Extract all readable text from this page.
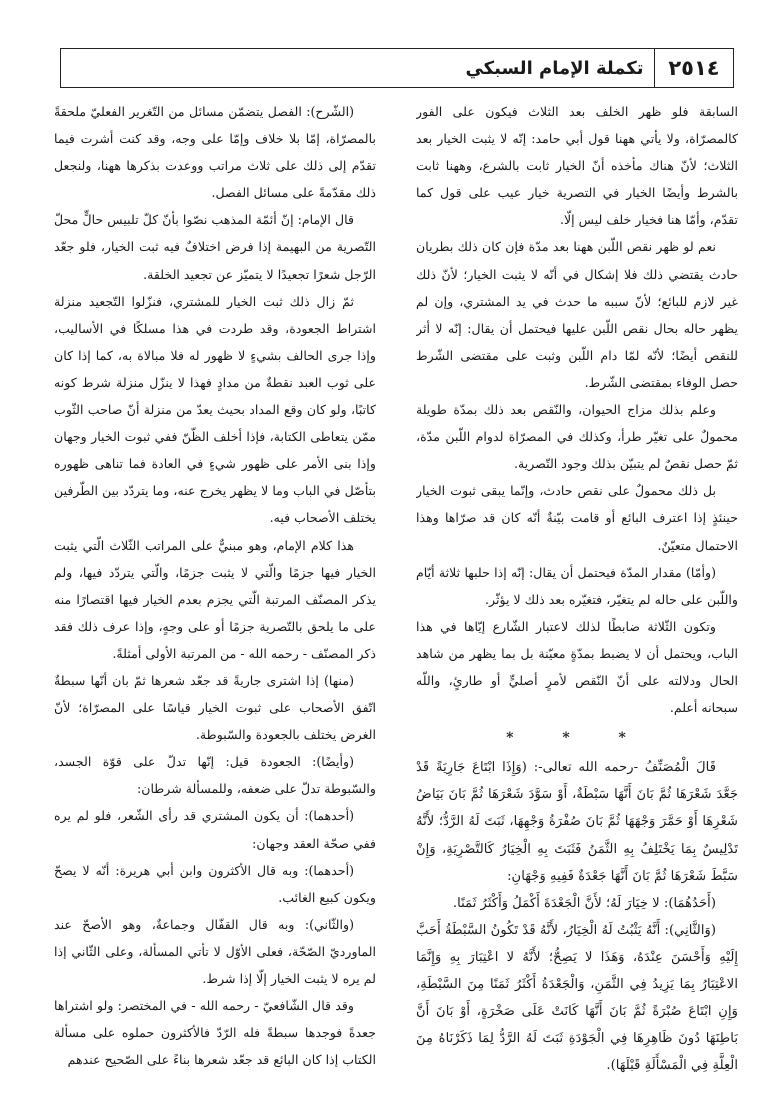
٢٥١٤
تكملة الإمام السبكي

السابقة فلو ظهر الخلف بعد الثلاث فيكون على الفور كالمصرّاة، ولا يأتي ههنا قول أبي حامد: إنّه لا يثبت الخيار بعد الثلاث؛ لأنّ هناك مأخذه أنّ الخيار ثابت بالشرع، وههنا ثابت بالشرط وأيضًا الخيار في التصرية خيار عيب على قول كما تقدّم، وأمّا هنا فخيار خلف ليس إلّا.

نعم لو ظهر نقص اللّبن ههنا بعد مدّة فإن كان ذلك بطريان حادث يقتضي ذلك فلا إشكال في أنّه لا يثبت الخيار؛ لأنّ ذلك غير لازم للبائع؛ لأنّ سببه ما حدث في يد المشتري، وإن لم يظهر حاله بحال نقص اللّبن عليها فيحتمل أن يقال: إنّه لا أثر للنقص أيضًا؛ لأنّه لمّا دام اللّبن وثبت على مقتضى الشّرط حصل الوفاء بمقتضى الشّرط.

وعلم بذلك مزاج الحيوان، والنّقص بعد ذلك بمدّة طويلة محمولٌ على تغيّر طرأ، وكذلك في المصرّاة لدوام اللّبن مدّة، ثمّ حصل نقصٌ لم يتبيّن بذلك وجود التّصرية.

بل ذلك محمولٌ على نقص حادث، وإنّما يبقى ثبوت الخيار حينئذٍ إذا اعترف البائع أو قامت بيّنةٌ أنّه كان قد صرّاها وهذا الاحتمال متعيّنٌ.

(وأمّا) مقدار المدّة فيحتمل أن يقال: إنّه إذا حلبها ثلاثة أيّام واللّبن على حاله لم يتغيّر، فتغيّره بعد ذلك لا يؤثّر.

وتكون الثّلاثة ضابطًا لذلك لاعتبار الشّارع إيّاها في هذا الباب، ويحتمل أن لا يضبط بمدّةٍ معيّنة بل بما يظهر من شاهد الحال ودلالته على أنّ النّقص لأمرٍ أصليٍّ أو طارئٍ، واللّه سبحانه أعلم.

* * *

قَالَ الْمُصَنِّفُ -رحمه الله تعالى-: (وَإِذَا ابْتَاعَ جَارِيَةً قَدْ جَعَّدَ شَعْرَهَا ثُمَّ بَانَ أَنَّهَا سَبْطَةٌ، أَوْ سَوَّدَ شَعْرَهَا ثُمَّ بَانَ بَيَاضُ شَعْرِهَا أَوْ حَمَّرَ وَجْهَهَا ثُمَّ بَانَ صُفْرَةُ وَجْهِهَا، ثَبَتَ لَهُ الرَّدُّ؛ لأَنَّهُ تَدْلِيسٌ بِمَا يَخْتَلِفُ بِهِ الثَّمَنُ فَثَبَتَ بِهِ الْخِيَارُ كَالتَّصْرِيَةِ، وَإِنْ سَبَّطَ شَعْرَهَا ثُمَّ بَانَ أَنَّهَا جَعْدَةٌ فَفِيهِ وَجْهَانِ:

(أَحَدُهُمَا): لا خِيَارَ لَهُ؛ لأَنَّ الْجَعْدَةَ أَكْمَلُ وَأَكْثَرُ ثَمَنًا.

(وَالثَّانِي): أَنَّهُ يَثْبُتُ لَهُ الْخِيَارُ، لأَنَّهُ قَدْ تَكُونُ السَّبْطَةُ أَحَبَّ إِلَيْهِ وَأَحْسَنَ عِنْدَهُ، وَهَذَا لا يَصِحُّ؛ لأَنَّهُ لا اعْتِبَارَ بِهِ وَإِنَّمَا الاعْتِبَارُ بِمَا يَزِيدُ فِي الثَّمَنِ، وَالْجَعْدَةُ أَكْثَرُ ثَمَنًا مِنَ السَّبْطَةِ، وَإِنِ ابْتَاعَ صُبْرَةً ثُمَّ بَانَ أَنَّهَا كَانَتْ عَلَى صَخْرَةٍ، أَوْ بَانَ أَنَّ بَاطِنَهَا دُونَ ظَاهِرِهَا فِي الْجَوْدَةِ ثَبَتَ لَهُ الرَّدُّ لِمَا ذَكَرْنَاهُ مِنَ الْعِلَّةِ فِي الْمَسْأَلَةِ قَبْلَهَا).

(الشّرح): الفصل يتضمّن مسائل من التّغرير الفعليّ ملحقةً بالمصرّاة، إمّا بلا خلاف وإمّا على وجه، وقد كنت أشرت فيما تقدّم إلى ذلك على ثلاث مراتب ووعدت بذكرها ههنا، ولنجعل ذلك مقدّمةً على مسائل الفصل.

قال الإمام: إنّ أئمّة المذهب نصّوا بأنّ كلّ تلبيس حالٍّ محلّ التّصرية من البهيمة إذا فرض اختلافٌ فيه ثبت الخيار، فلو جعّد الرّجل شعرًا تجعيدًا لا يتميّز عن تجعيد الخلقة.

ثمّ زال ذلك ثبت الخيار للمشتري، فنزّلوا التّجعيد منزلة اشتراط الجعودة، وقد طردت في هذا مسلكًا في الأساليب، وإذا جرى الحالف بشيءٍ لا ظهور له فلا مبالاة به، كما إذا كان على ثوب العبد نقطةٌ من مدادٍ فهذا لا ينزّل منزلة شرط كونه كاتبًا، ولو كان وقع المداد بحيث يعدّ من منزلة أنّ صاحب الثّوب ممّن يتعاطى الكتابة، فإذا أخلف الظّنّ ففي ثبوت الخيار وجهان وإذا بنى الأمر على ظهور شيءٍ في العادة فما تناهى ظهوره بتأصّل في الباب وما لا يظهر يخرج عنه، وما يتردّد بين الطّرفين يختلف الأصحاب فيه.

هذا كلام الإمام، وهو مبنيٌّ على المراتب الثّلاث الّتي يثبت الخيار فيها جزمًا والّتي لا يثبت جزمًا، والّتي يتردّد فيها، ولم يذكر المصنّف المرتبة الّتي يجزم بعدم الخيار فيها اقتصارًا منه على ما يلحق بالتّصرية جزمًا أو على وجهٍ، وإذا عرف ذلك فقد ذكر المصنّف - رحمه الله - من المرتبة الأولى أمثلةً.

(منها) إذا اشترى جاريةً قد جعّد شعرها ثمّ بان أنّها سبطةٌ اتّفق الأصحاب على ثبوت الخيار قياسًا على المصرّاة؛ لأنّ الغرض يختلف بالجعودة والسّبوطة.

(وأيضًا): الجعودة قيل: إنّها تدلّ على قوّة الجسد، والسّبوطة تدلّ على ضعفه، وللمسألة شرطان:

(أحدهما): أن يكون المشتري قد رأى الشّعر، فلو لم يره ففي صحّة العقد وجهان:

(أحدهما): وبه قال الأكثرون وابن أبي هريرة: أنّه لا يصحّ ويكون كبيع الغائب.

(والثّاني): وبه قال القفّال وجماعةٌ، وهو الأصحّ عند الماورديّ الصّحّة، فعلى الأوّل لا تأتي المسألة، وعلى الثّاني إذا لم يره لا يثبت الخيار إلّا إذا شرط.

وقد قال الشّافعيّ - رحمه الله - في المختصر: ولو اشتراها جعدةً فوجدها سبطةً فله الرّدّ فالأكثرون حملوه على مسألة الكتاب إذا كان البائع قد جعّد شعرها بناءً على الصّحيح عندهم
